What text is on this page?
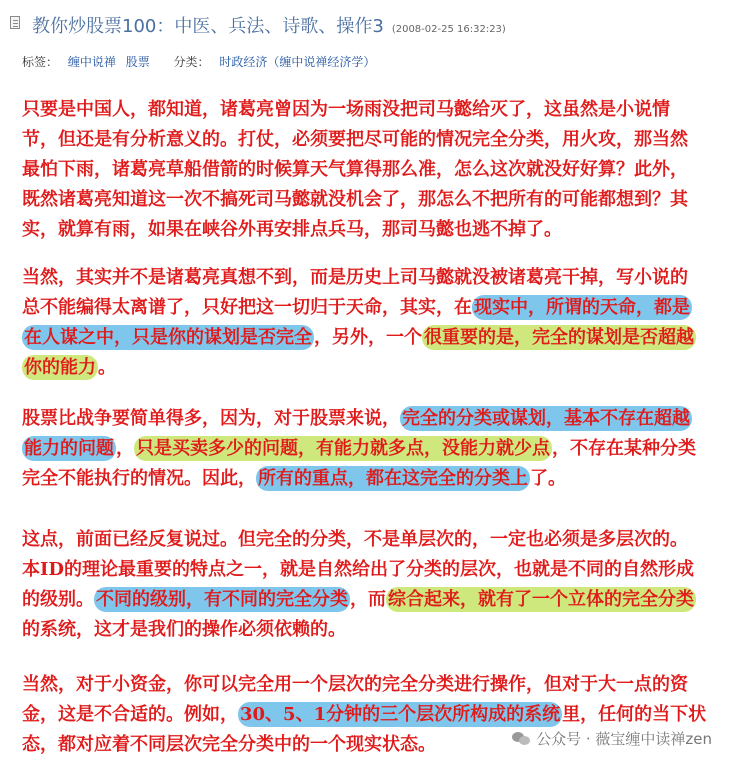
教你炒股票100：中医、兵法、诗歌、操作3 (2008-02-25 16:32:23)
标签： 缠中说禅 股票 分类： 时政经济（缠中说禅经济学）
只要是中国人，都知道，诸葛亮曾因为一场雨没把司马懿给灭了，这虽然是小说情
节，但还是有分析意义的。打仗，必须要把尽可能的情况完全分类，用火攻，那当然
最怕下雨，诸葛亮草船借箭的时候算天气算得那么准，怎么这次就没好好算？此外，
既然诸葛亮知道这一次不搞死司马懿就没机会了，那怎么不把所有的可能都想到？其
实，就算有雨，如果在峡谷外再安排点兵马，那司马懿也逃不掉了。
当然，其实并不是诸葛亮真想不到，而是历史上司马懿就没被诸葛亮干掉，写小说的
总不能编得太离谱了，只好把这一切归于天命，其实，在 现实中，所谓的天命，都是
在人谋之中，只是你的谋划是否完全 ，另外，一个 很重要的是，完全的谋划是否超越
你的能力 。
股票比战争要简单得多，因为，对于股票来说， 完全的分类或谋划，基本不存在超越
能力的问题 ， 只是买卖多少的问题，有能力就多点，没能力就少点 ，不存在某种分类
完全不能执行的情况。因此， 所有的重点，都在这完全的分类上 了。
这点，前面已经反复说过。但完全的分类，不是单层次的，一定也必须是多层次的。
本ID的理论最重要的特点之一，就是自然给出了分类的层次，也就是不同的自然形成
的级别。 不同的级别，有不同的完全分类 ，而 综合起来，就有了一个立体的完全分类
的系统，这才是我们的操作必须依赖的。
当然，对于小资金，你可以完全用一个层次的完全分类进行操作，但对于大一点的资
金，这是不合适的。例如， 30、5、1分钟的三个层次所构成的系统 里，任何的当下状
态，都对应着不同层次完全分类中的一个现实状态。	公众号 · 薇宝缠中读禅zen
